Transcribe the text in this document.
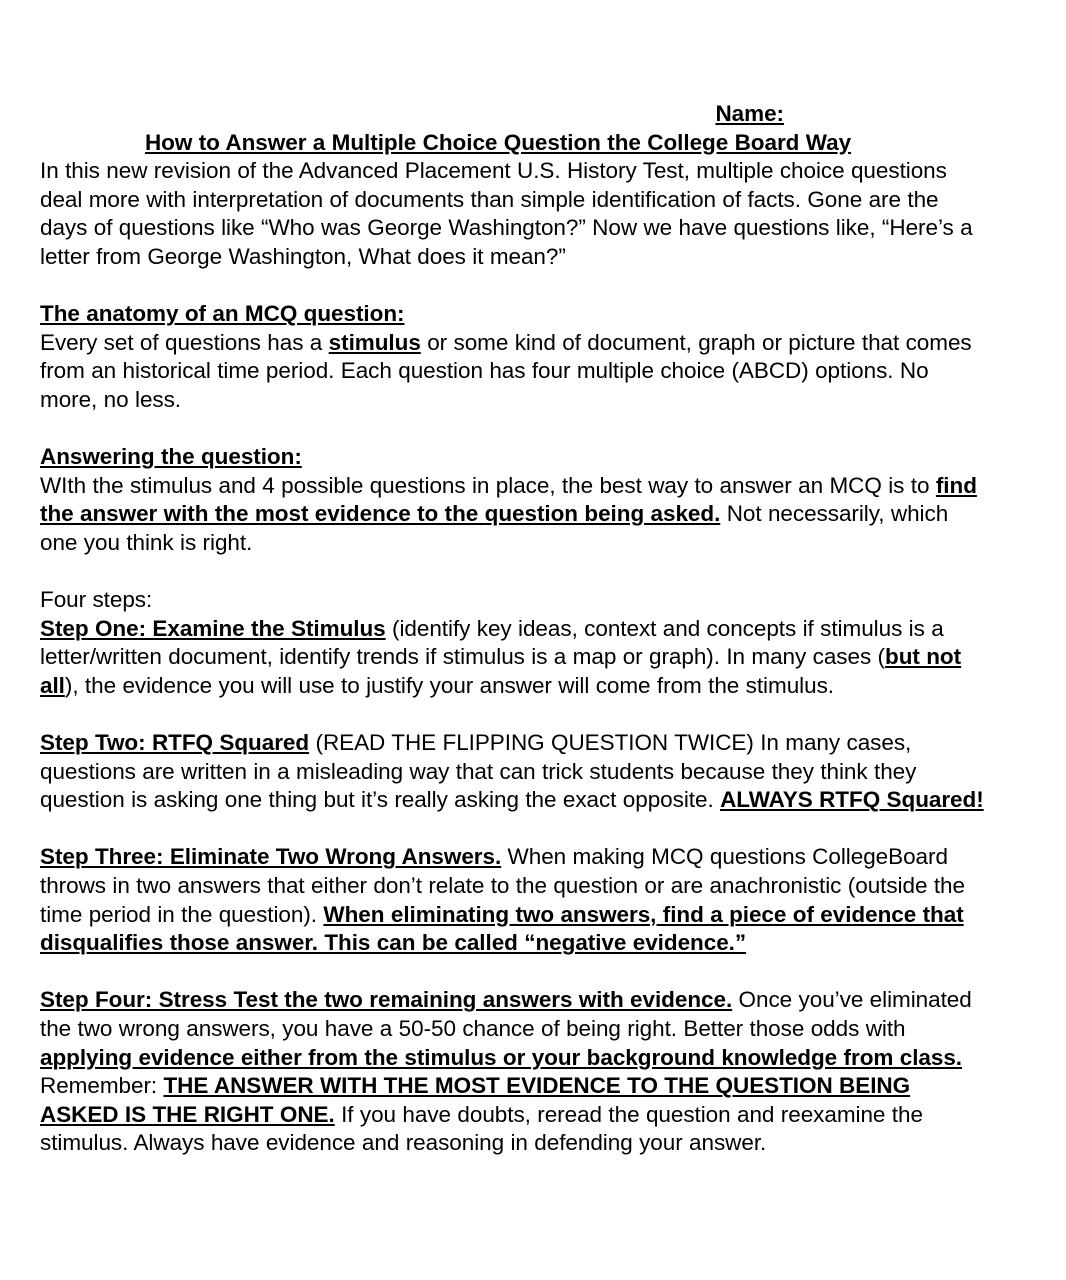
Name:
How to Answer a Multiple Choice Question the College Board Way

In this new revision of the Advanced Placement U.S. History Test, multiple choice questions deal more with interpretation of documents than simple identification of facts. Gone are the days of questions like “Who was George Washington?” Now we have questions like, “Here’s a letter from George Washington, What does it mean?”

The anatomy of an MCQ question:

Every set of questions has a stimulus or some kind of document, graph or picture that comes from an historical time period. Each question has four multiple choice (ABCD) options. No more, no less.

Answering the question:

WIth the stimulus and 4 possible questions in place, the best way to answer an MCQ is to find the answer with the most evidence to the question being asked. Not necessarily, which one you think is right.

Four steps:

Step One: Examine the Stimulus (identify key ideas, context and concepts if stimulus is a letter/written document, identify trends if stimulus is a map or graph). In many cases (but not all), the evidence you will use to justify your answer will come from the stimulus.

Step Two: RTFQ Squared (READ THE FLIPPING QUESTION TWICE) In many cases, questions are written in a misleading way that can trick students because they think they question is asking one thing but it’s really asking the exact opposite. ALWAYS RTFQ Squared!

Step Three: Eliminate Two Wrong Answers. When making MCQ questions CollegeBoard throws in two answers that either don’t relate to the question or are anachronistic (outside the time period in the question). When eliminating two answers, find a piece of evidence that disqualifies those answer. This can be called “negative evidence.”

Step Four: Stress Test the two remaining answers with evidence. Once you’ve eliminated the two wrong answers, you have a 50-50 chance of being right. Better those odds with applying evidence either from the stimulus or your background knowledge from class. Remember: THE ANSWER WITH THE MOST EVIDENCE TO THE QUESTION BEING ASKED IS THE RIGHT ONE. If you have doubts, reread the question and reexamine the stimulus. Always have evidence and reasoning in defending your answer.
